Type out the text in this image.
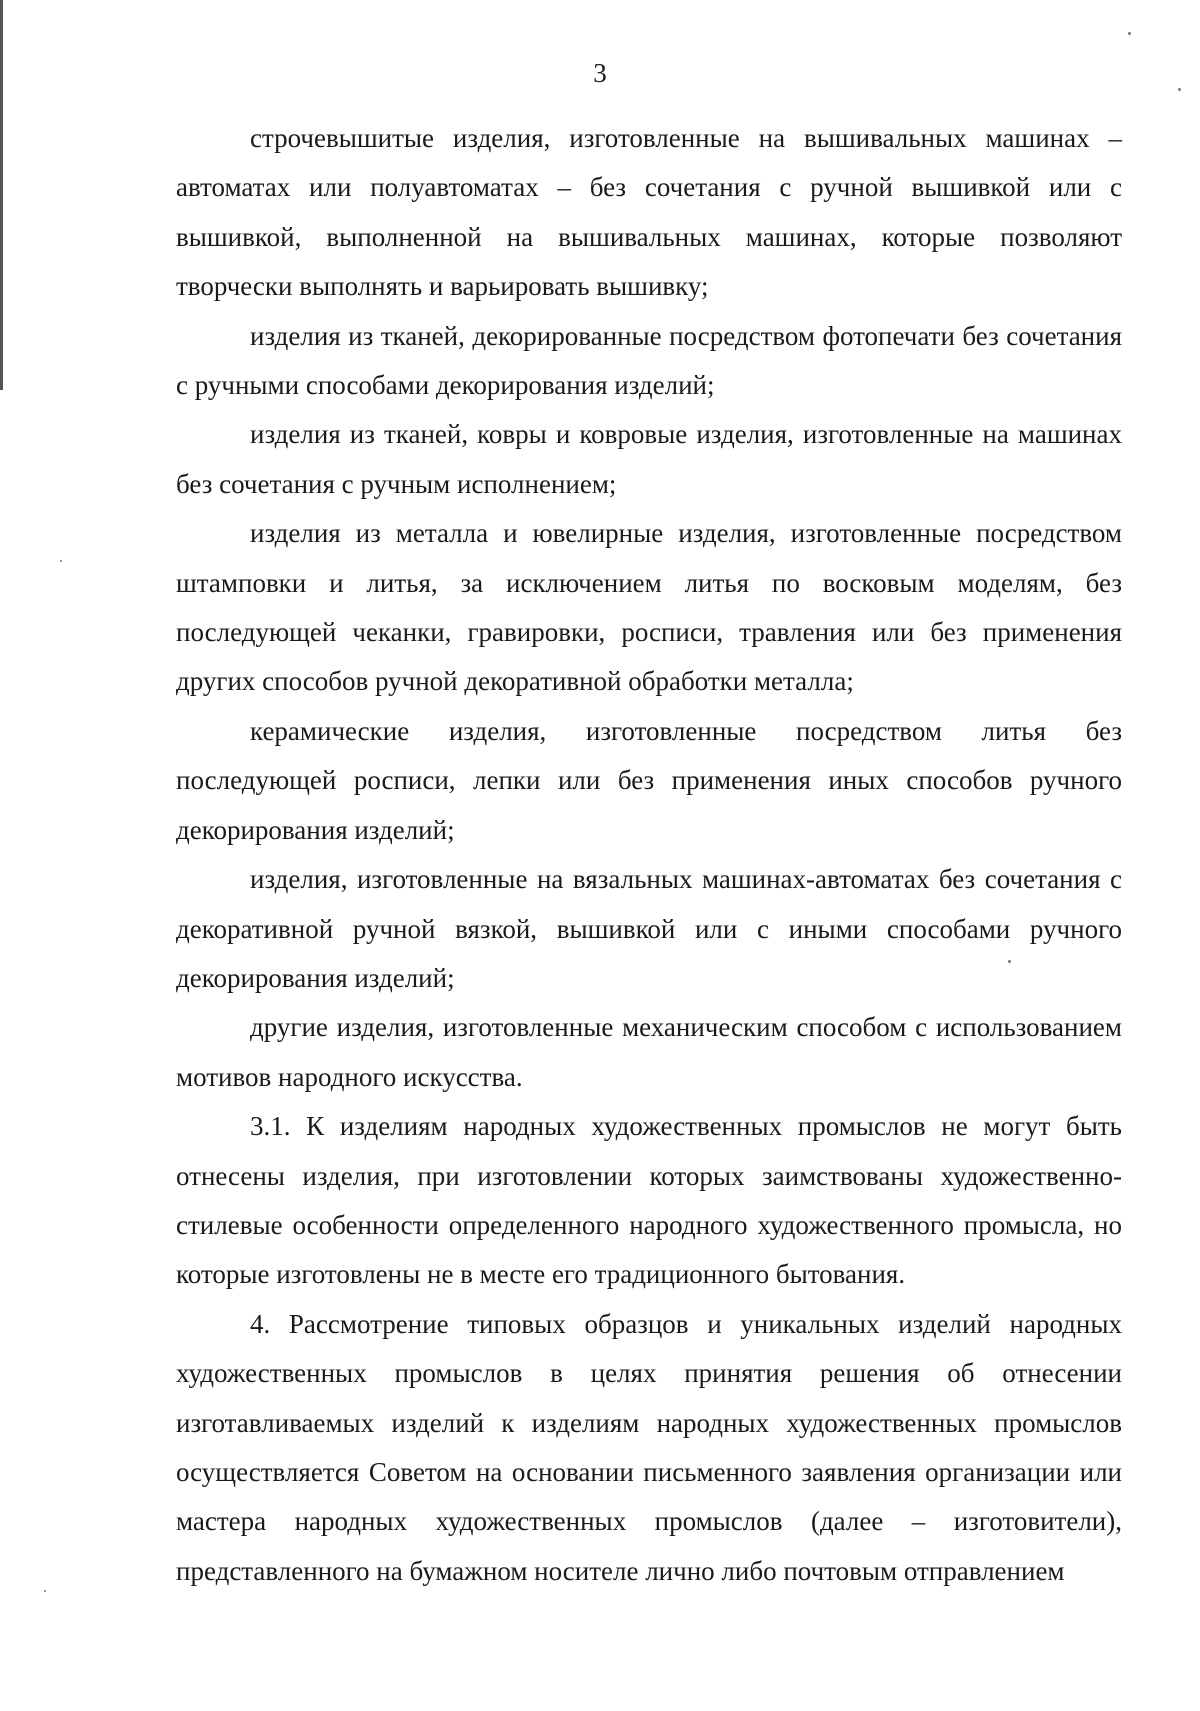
3

строчевышитые изделия, изготовленные на вышивальных машинах – автоматах или полуавтоматах – без сочетания с ручной вышивкой или с вышивкой, выполненной на вышивальных машинах, которые позволяют творчески выполнять и варьировать вышивку;

изделия из тканей, декорированные посредством фотопечати без сочетания с ручными способами декорирования изделий;

изделия из тканей, ковры и ковровые изделия, изготовленные на машинах без сочетания с ручным исполнением;

изделия из металла и ювелирные изделия, изготовленные посредством штамповки и литья, за исключением литья по восковым моделям, без последующей чеканки, гравировки, росписи, травления или без применения других способов ручной декоративной обработки металла;

керамические изделия, изготовленные посредством литья без последующей росписи, лепки или без применения иных способов ручного декорирования изделий;

изделия, изготовленные на вязальных машинах-автоматах без сочетания с декоративной ручной вязкой, вышивкой или с иными способами ручного декорирования изделий;

другие изделия, изготовленные механическим способом с использованием мотивов народного искусства.

3.1. К изделиям народных художественных промыслов не могут быть отнесены изделия, при изготовлении которых заимствованы художественно-стилевые особенности определенного народного художественного промысла, но которые изготовлены не в месте его традиционного бытования.

4. Рассмотрение типовых образцов и уникальных изделий народных художественных промыслов в целях принятия решения об отнесении изготавливаемых изделий к изделиям народных художественных промыслов осуществляется Советом на основании письменного заявления организации или мастера народных художественных промыслов (далее – изготовители), представленного на бумажном носителе лично либо почтовым отправлением
